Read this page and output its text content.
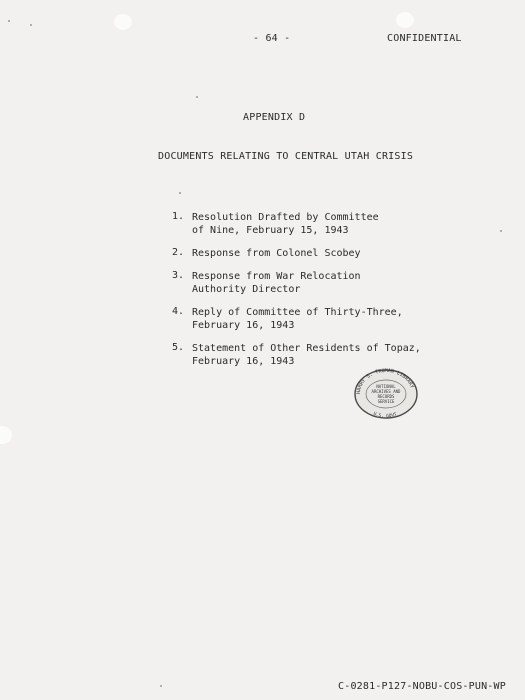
- 64 -	CONFIDENTIAL
APPENDIX D
DOCUMENTS RELATING TO CENTRAL UTAH CRISIS
1. Resolution Drafted by Committee
of Nine, February 15, 1943
2. Response from Colonel Scobey
3. Response from War Relocation
Authority Director
4. Reply of Committee of Thirty-Three,
February 16, 1943
5. Statement of Other Residents of Topaz,
February 16, 1943
HARRY S. TRUMAN LIBRARY
NATIONAL
ARCHIVES AND
RECORDS
SERVICE
U.S. GOVT
C-0281-P127-NOBU-COS-PUN-WP
